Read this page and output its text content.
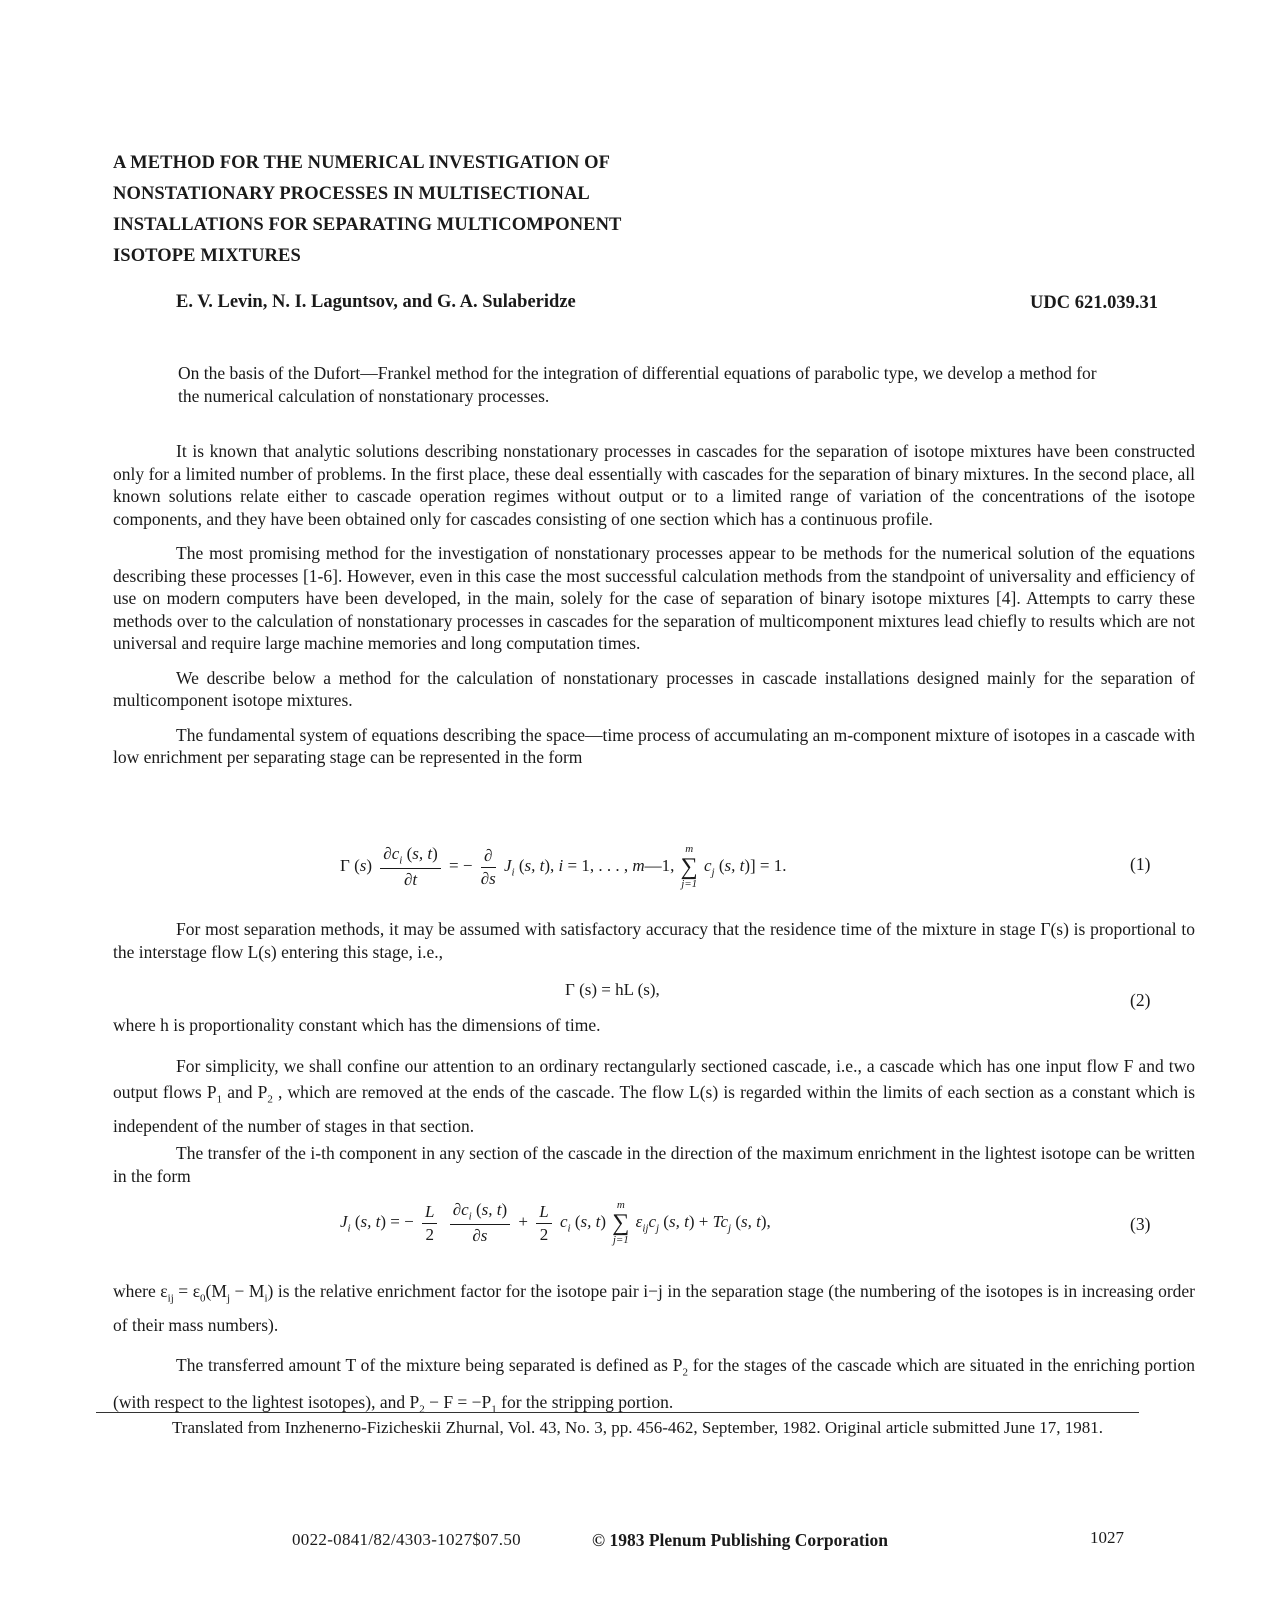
A METHOD FOR THE NUMERICAL INVESTIGATION OF NONSTATIONARY PROCESSES IN MULTISECTIONAL INSTALLATIONS FOR SEPARATING MULTICOMPONENT ISOTOPE MIXTURES
E. V. Levin, N. I. Laguntsov, and G. A. Sulaberidze	UDC 621.039.31
On the basis of the Dufort—Frankel method for the integration of differential equations of parabolic type, we develop a method for the numerical calculation of nonstationary processes.

It is known that analytic solutions describing nonstationary processes in cascades for the separation of isotope mixtures have been constructed only for a limited number of problems. In the first place, these deal essentially with cascades for the separation of binary mixtures. In the second place, all known solutions relate either to cascade operation regimes without output or to a limited range of variation of the concentrations of the isotope components, and they have been obtained only for cascades consisting of one section which has a continuous profile.

The most promising method for the investigation of nonstationary processes appear to be methods for the numerical solution of the equations describing these processes [1-6]. However, even in this case the most successful calculation methods from the standpoint of universality and efficiency of use on modern computers have been developed, in the main, solely for the case of separation of binary isotope mixtures [4]. Attempts to carry these methods over to the calculation of nonstationary processes in cascades for the separation of multicomponent mixtures lead chiefly to results which are not universal and require large machine memories and long computation times.

We describe below a method for the calculation of nonstationary processes in cascade installations designed mainly for the separation of multicomponent isotope mixtures.

The fundamental system of equations describing the space—time process of accumulating an m-component mixture of isotopes in a cascade with low enrichment per separating stage can be represented in the form

Γ $(s) \frac{\partial c_i (s, t)}{\partial t}$ = − $\frac{\partial}{\partial s} J_i$ (s, t), i = 1, . . . , m—1,
m
∑
j=1
$c_j$ (s, t)] = 1.	(1)

For most separation methods, it may be assumed with satisfactory accuracy that the residence time of the mixture in stage Γ(s) is proportional to the interstage flow L(s) entering this stage, i.e.,

Γ (s) = hL (s),
(2)

where h is proportionality constant which has the dimensions of time.

For simplicity, we shall confine our attention to an ordinary rectangularly sectioned cascade, i.e., a cascade which has one input flow F and two output flows $P_1$ and $P_2$ , which are removed at the ends of the cascade. The flow L(s) is regarded within the limits of each section as a constant which is independent of the number of stages in that section.

The transfer of the i-th component in any section of the cascade in the direction of the maximum enrichment in the lightest isotope can be written in the form

$J_i$ (s, t) = − $\frac{L}{2}$
$\frac{\partial c_i (s, t)}{\partial s} + \frac{L}{2} c_i$ (s, t)
m
∑
j=1
$\varepsilon_{ij}c_j$ (s, $t) + Tc_j$ (s, t),	(3)

where $\varepsilon_{ij} = \varepsilon_0(M_j - M_i)$ is the relative enrichment factor for the isotope pair i−j in the separation stage (the numbering of the isotopes is in increasing order of their mass numbers).

The transferred amount T of the mixture being separated is defined as $P_2$ for the stages of the cascade which are situated in the enriching portion (with respect to the lightest isotopes), and $P_2 - F = -P_1$ for the stripping portion.

Translated from Inzhenerno-Fizicheskii Zhurnal, Vol. 43, No. 3, pp. 456-462, September, 1982. Original article submitted June 17, 1981.
0022-0841/82/4303-1027$07.50	© 1983 Plenum Publishing Corporation	1027
